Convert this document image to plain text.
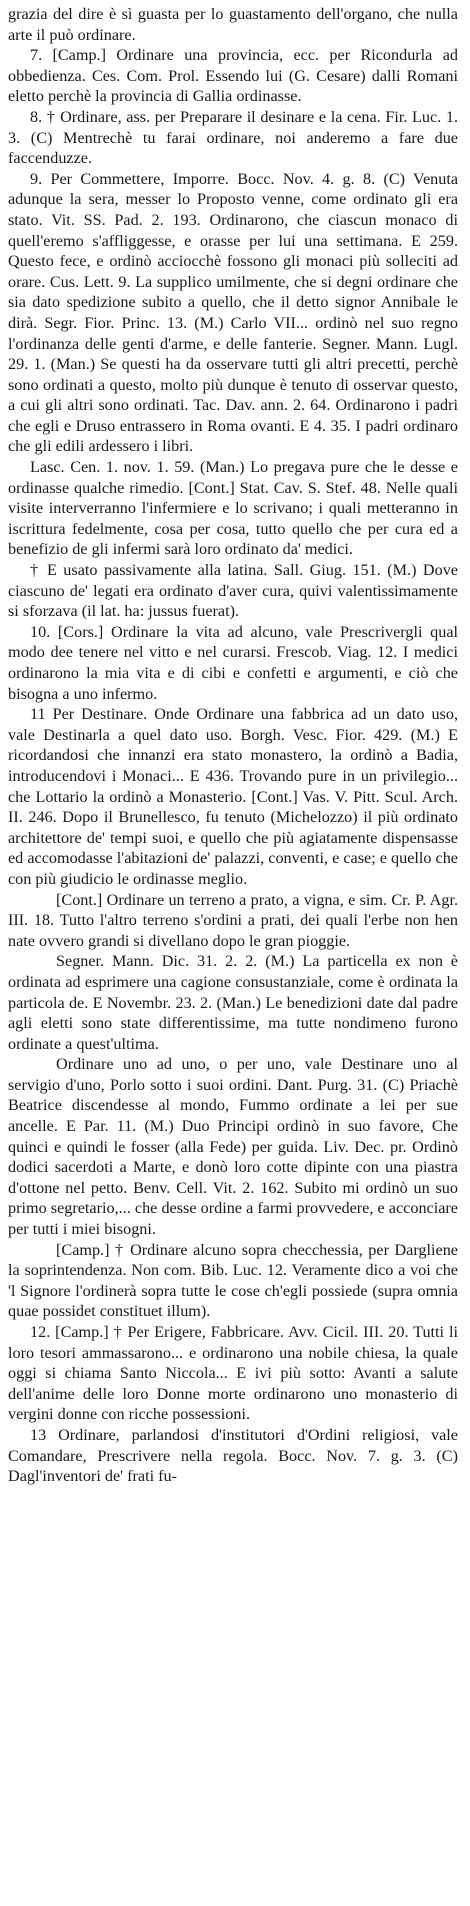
grazia del dire è sì guasta per lo guastamento dell'organo, che nulla arte il può ordinare.

7. [Camp.] Ordinare una provincia, ecc. per Ricondurla ad obbedienza. Ces. Com. Prol. Essendo lui (G. Cesare) dalli Romani eletto perchè la provincia di Gallia ordinasse.

8. † Ordinare, ass. per Preparare il desinare e la cena. Fir. Luc. 1. 3. (C) Mentrechè tu farai ordinare, noi anderemo a fare due faccenduzze.

9. Per Commettere, Imporre. Bocc. Nov. 4. g. 8. (C) Venuta adunque la sera, messer lo Proposto venne, come ordinato gli era stato. Vit. SS. Pad. 2. 193. Ordinarono, che ciascun monaco di quell'eremo s'affliggesse, e orasse per lui una settimana. E 259. Questo fece, e ordinò acciocchè fossono gli monaci più solleciti ad orare. Cus. Lett. 9. La supplico umilmente, che si degni ordinare che sia dato spedizione subito a quello, che il detto signor Annibale le dirà. Segr. Fior. Princ. 13. (M.) Carlo VII... ordinò nel suo regno l'ordinanza delle genti d'arme, e delle fanterie. Segner. Mann. Lugl. 29. 1. (Man.) Se questi ha da osservare tutti gli altri precetti, perchè sono ordinati a questo, molto più dunque è tenuto di osservar questo, a cui gli altri sono ordinati. Tac. Dav. ann. 2. 64. Ordinarono i padri che egli e Druso entrassero in Roma ovanti. E 4. 35. I padri ordinaro che gli edili ardessero i libri.

Lasc. Cen. 1. nov. 1. 59. (Man.) Lo pregava pure che le desse e ordinasse qualche rimedio. [Cont.] Stat. Cav. S. Stef. 48. Nelle quali visite interverranno l'infermiere e lo scrivano; i quali metteranno in iscrittura fedelmente, cosa per cosa, tutto quello che per cura ed a benefizio de gli infermi sarà loro ordinato da' medici.

† E usato passivamente alla latina. Sall. Giug. 151. (M.) Dove ciascuno de' legati era ordinato d'aver cura, quivi valentissimamente si sforzava (il lat. ha: jussus fuerat).

10. [Cors.] Ordinare la vita ad alcuno, vale Prescrivergli qual modo dee tenere nel vitto e nel curarsi. Frescob. Viag. 12. I medici ordinarono la mia vita e di cibi e confetti e argumenti, e ciò che bisogna a uno infermo.

11 Per Destinare. Onde Ordinare una fabbrica ad un dato uso, vale Destinarla a quel dato uso. Borgh. Vesc. Fior. 429. (M.) E ricordandosi che innanzi era stato monastero, la ordinò a Badia, introducendovi i Monaci... E 436. Trovando pure in un privilegio... che Lottario la ordinò a Monasterio. [Cont.] Vas. V. Pitt. Scul. Arch. II. 246. Dopo il Brunellesco, fu tenuto (Michelozzo) il più ordinato architettore de' tempi suoi, e quello che più agiatamente dispensasse ed accomodasse l'abitazioni de' palazzi, conventi, e case; e quello che con più giudicio le ordinasse meglio.

[Cont.] Ordinare un terreno a prato, a vigna, e sim. Cr. P. Agr. III. 18. Tutto l'altro terreno s'ordini a prati, dei quali l'erbe non hen nate ovvero grandi si divellano dopo le gran pioggie.

Segner. Mann. Dic. 31. 2. 2. (M.) La particella ex non è ordinata ad esprimere una cagione consustanziale, come è ordinata la particola de. E Novembr. 23. 2. (Man.) Le benedizioni date dal padre agli eletti sono state differentissime, ma tutte nondimeno furono ordinate a quest'ultima.

Ordinare uno ad uno, o per uno, vale Destinare uno al servigio d'uno, Porlo sotto i suoi ordini. Dant. Purg. 31. (C) Priachè Beatrice discendesse al mondo, Fummo ordinate a lei per sue ancelle. E Par. 11. (M.) Duo Principi ordinò in suo favore, Che quinci e quindi le fosser (alla Fede) per guida. Liv. Dec. pr. Ordinò dodici sacerdoti a Marte, e donò loro cotte dipinte con una piastra d'ottone nel petto. Benv. Cell. Vit. 2. 162. Subito mi ordinò un suo primo segretario,... che desse ordine a farmi provvedere, e acconciare per tutti i miei bisogni.

[Camp.] † Ordinare alcuno sopra checchessia, per Dargliene la soprintendenza. Non com. Bib. Luc. 12. Veramente dico a voi che 'l Signore l'ordinerà sopra tutte le cose ch'egli possiede (supra omnia quae possidet constituet illum).

12. [Camp.] † Per Erigere, Fabbricare. Avv. Cicil. III. 20. Tutti li loro tesori ammassarono... e ordinarono una nobile chiesa, la quale oggi si chiama Santo Niccola... E ivi più sotto: Avanti a salute dell'anime delle loro Donne morte ordinarono uno monasterio di vergini donne con ricche possessioni.

13 Ordinare, parlandosi d'institutori d'Ordini religiosi, vale Comandare, Prescrivere nella regola. Bocc. Nov. 7. g. 3. (C) Dagl'inventori de' frati fu-
